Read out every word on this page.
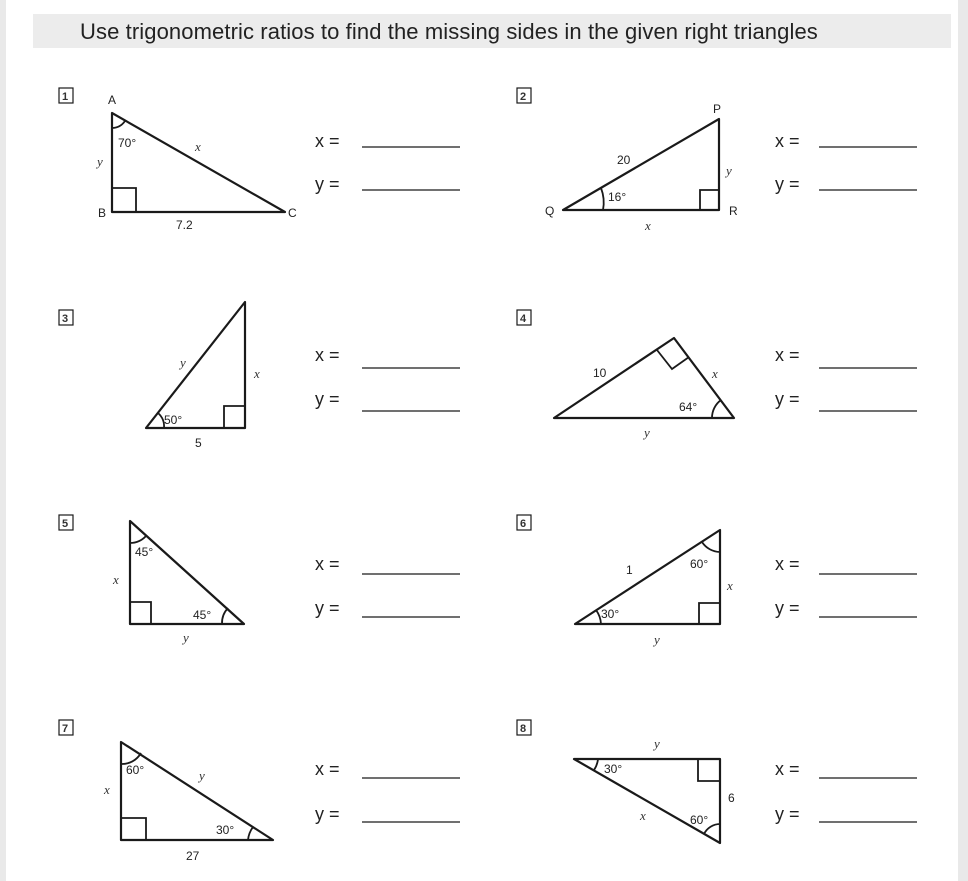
Use trigonometric ratios to find the missing sides in the given right triangles
1	A
B	C
70°	x
y
7.2
x =
y =
2
P
Q	R
16°
20
x
y
x =
y =
3
50°
5
x
y	x =
y =
4
64°
10	x
y
x =
y =
5
45°
45°
x
y
x =
y =
6
60°
30°
1
x
y
x =
y =
7
60°
30°
27
x
y	x =
y =
8
30°
60°
6
x
y
x =
y =
